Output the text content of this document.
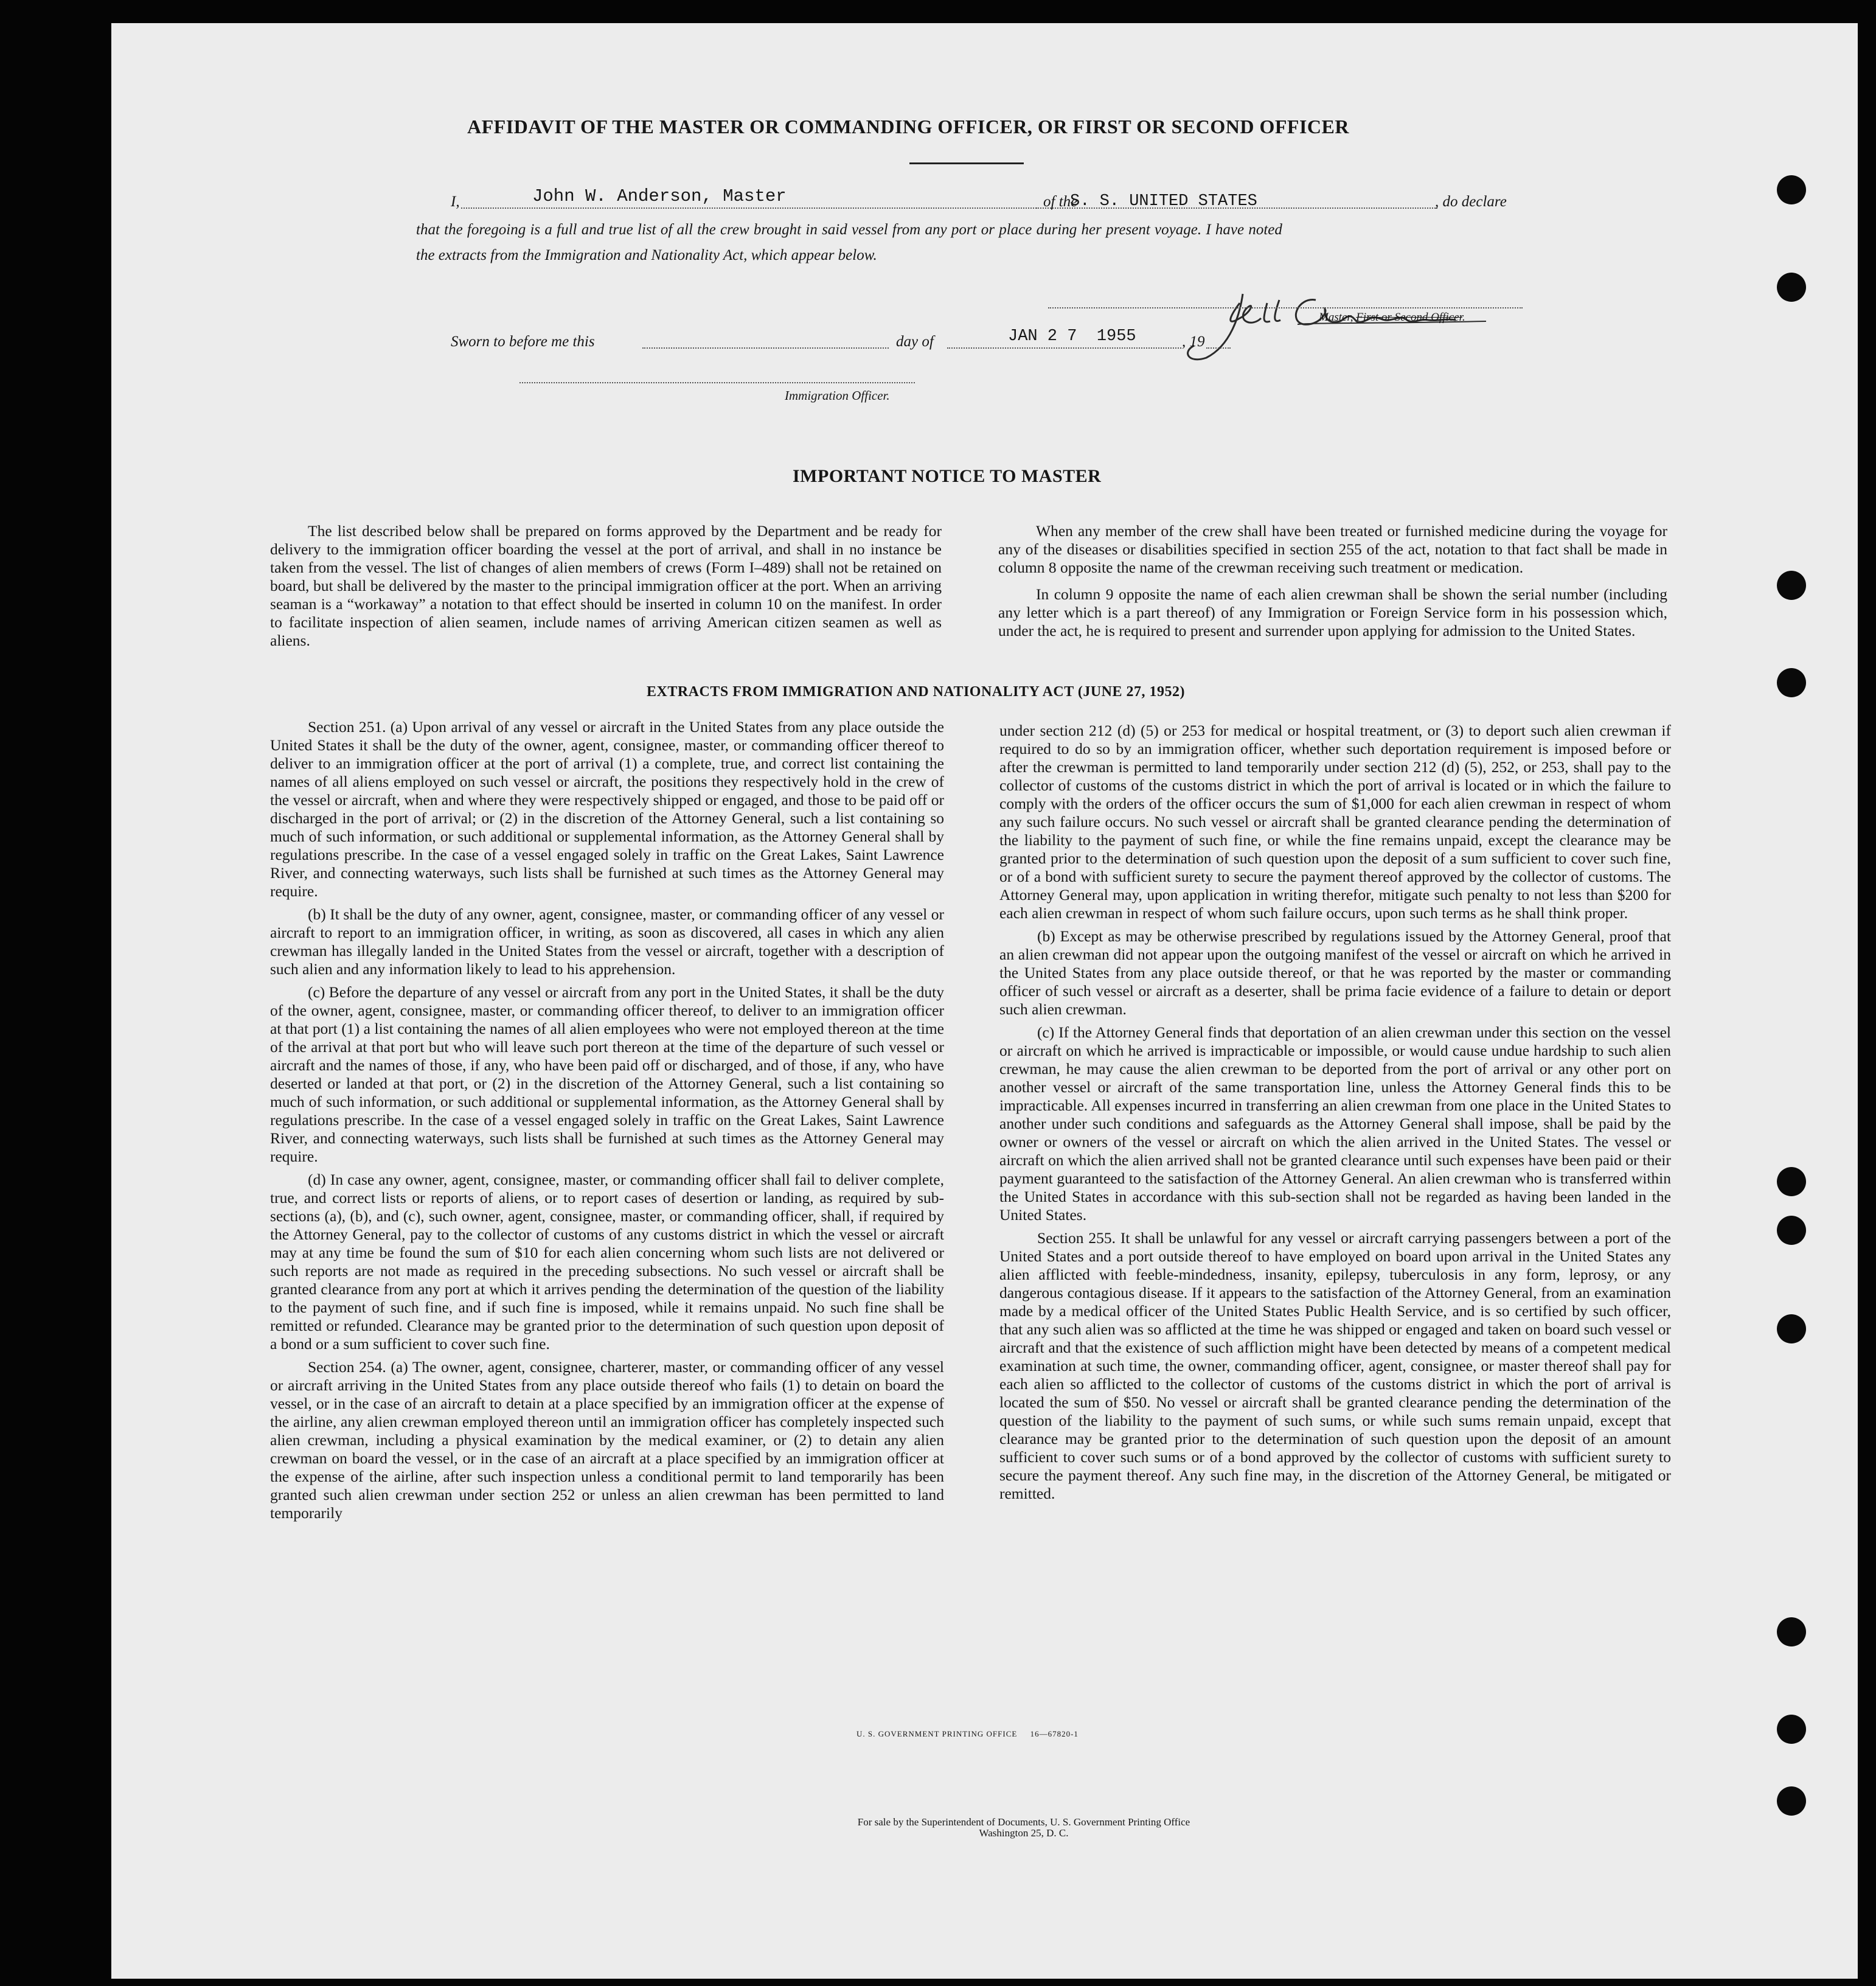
AFFIDAVIT OF THE MASTER OR COMMANDING OFFICER, OR FIRST OR SECOND OFFICER
I,	John W. Anderson, Master	of the
S. S. UNITED STATES	, do declare
that the foregoing is a full and true list of all the crew brought in said vessel from any port or place during her present voyage. I have noted
the extracts from the Immigration and Nationality Act, which appear below.
Master, First or Second Officer.
Sworn to before me this	day of	JAN 2 7  1955	, 19
Immigration Officer.
IMPORTANT NOTICE TO MASTER

The list described below shall be prepared on forms approved by the Department and be ready for delivery to the immigration officer boarding the vessel at the port of arrival, and shall in no instance be taken from the vessel. The list of changes of alien members of crews (Form I–489) shall not be retained on board, but shall be delivered by the master to the principal immigration officer at the port. When an arriving seaman is a “workaway” a notation to that effect should be inserted in column 10 on the manifest. In order to facilitate inspection of alien seamen, include names of arriving American citizen seamen as well as aliens.

When any member of the crew shall have been treated or furnished medicine during the voyage for any of the diseases or disabilities specified in section 255 of the act, notation to that fact shall be made in column 8 opposite the name of the crewman receiving such treatment or medication.

In column 9 opposite the name of each alien crewman shall be shown the serial number (including any letter which is a part thereof) of any Immigration or Foreign Service form in his possession which, under the act, he is required to present and surrender upon applying for admission to the United States.

EXTRACTS FROM IMMIGRATION AND NATIONALITY ACT (JUNE 27, 1952)

Section 251. (a) Upon arrival of any vessel or aircraft in the United States from any place outside the United States it shall be the duty of the owner, agent, consignee, master, or commanding officer thereof to deliver to an immigration officer at the port of arrival (1) a complete, true, and correct list containing the names of all aliens employed on such vessel or aircraft, the positions they respectively hold in the crew of the vessel or aircraft, when and where they were respectively shipped or engaged, and those to be paid off or discharged in the port of arrival; or (2) in the discretion of the Attorney General, such a list containing so much of such information, or such additional or supplemental information, as the Attorney General shall by regulations prescribe. In the case of a vessel engaged solely in traffic on the Great Lakes, Saint Lawrence River, and connecting waterways, such lists shall be furnished at such times as the Attorney General may require.

(b) It shall be the duty of any owner, agent, consignee, master, or commanding officer of any vessel or aircraft to report to an immigration officer, in writing, as soon as discovered, all cases in which any alien crewman has illegally landed in the United States from the vessel or aircraft, together with a description of such alien and any information likely to lead to his apprehension.

(c) Before the departure of any vessel or aircraft from any port in the United States, it shall be the duty of the owner, agent, consignee, master, or commanding officer thereof, to deliver to an immigration officer at that port (1) a list containing the names of all alien employees who were not employed thereon at the time of the arrival at that port but who will leave such port thereon at the time of the departure of such vessel or aircraft and the names of those, if any, who have been paid off or discharged, and of those, if any, who have deserted or landed at that port, or (2) in the discretion of the Attorney General, such a list containing so much of such information, or such additional or supplemental information, as the Attorney General shall by regulations prescribe. In the case of a vessel engaged solely in traffic on the Great Lakes, Saint Lawrence River, and connecting waterways, such lists shall be furnished at such times as the Attorney General may require.

(d) In case any owner, agent, consignee, master, or commanding officer shall fail to deliver complete, true, and correct lists or reports of aliens, or to report cases of desertion or landing, as required by sub-sections (a), (b), and (c), such owner, agent, consignee, master, or commanding officer, shall, if required by the Attorney General, pay to the collector of customs of any customs district in which the vessel or aircraft may at any time be found the sum of $10 for each alien concerning whom such lists are not delivered or such reports are not made as required in the preceding subsections. No such vessel or aircraft shall be granted clearance from any port at which it arrives pending the determination of the question of the liability to the payment of such fine, and if such fine is imposed, while it remains unpaid. No such fine shall be remitted or refunded. Clearance may be granted prior to the determination of such question upon deposit of a bond or a sum sufficient to cover such fine.

Section 254. (a) The owner, agent, consignee, charterer, master, or commanding officer of any vessel or aircraft arriving in the United States from any place outside thereof who fails (1) to detain on board the vessel, or in the case of an aircraft to detain at a place specified by an immigration officer at the expense of the airline, any alien crewman employed thereon until an immigration officer has completely inspected such alien crewman, including a physical examination by the medical examiner, or (2) to detain any alien crewman on board the vessel, or in the case of an aircraft at a place specified by an immigration officer at the expense of the airline, after such inspection unless a conditional permit to land temporarily has been granted such alien crewman under section 252 or unless an alien crewman has been permitted to land temporarily

under section 212 (d) (5) or 253 for medical or hospital treatment, or (3) to deport such alien crewman if required to do so by an immigration officer, whether such deportation requirement is imposed before or after the crewman is permitted to land temporarily under section 212 (d) (5), 252, or 253, shall pay to the collector of customs of the customs district in which the port of arrival is located or in which the failure to comply with the orders of the officer occurs the sum of $1,000 for each alien crewman in respect of whom any such failure occurs. No such vessel or aircraft shall be granted clearance pending the determination of the liability to the payment of such fine, or while the fine remains unpaid, except the clearance may be granted prior to the determination of such question upon the deposit of a sum sufficient to cover such fine, or of a bond with sufficient surety to secure the payment thereof approved by the collector of customs. The Attorney General may, upon application in writing therefor, mitigate such penalty to not less than $200 for each alien crewman in respect of whom such failure occurs, upon such terms as he shall think proper.

(b) Except as may be otherwise prescribed by regulations issued by the Attorney General, proof that an alien crewman did not appear upon the outgoing manifest of the vessel or aircraft on which he arrived in the United States from any place outside thereof, or that he was reported by the master or commanding officer of such vessel or aircraft as a deserter, shall be prima facie evidence of a failure to detain or deport such alien crewman.

(c) If the Attorney General finds that deportation of an alien crewman under this section on the vessel or aircraft on which he arrived is impracticable or impossible, or would cause undue hardship to such alien crewman, he may cause the alien crewman to be deported from the port of arrival or any other port on another vessel or aircraft of the same transportation line, unless the Attorney General finds this to be impracticable. All expenses incurred in transferring an alien crewman from one place in the United States to another under such conditions and safeguards as the Attorney General shall impose, shall be paid by the owner or owners of the vessel or aircraft on which the alien arrived in the United States. The vessel or aircraft on which the alien arrived shall not be granted clearance until such expenses have been paid or their payment guaranteed to the satisfaction of the Attorney General. An alien crewman who is transferred within the United States in accordance with this sub-section shall not be regarded as having been landed in the United States.

Section 255. It shall be unlawful for any vessel or aircraft carrying passengers between a port of the United States and a port outside thereof to have employed on board upon arrival in the United States any alien afflicted with feeble-mindedness, insanity, epilepsy, tuberculosis in any form, leprosy, or any dangerous contagious disease. If it appears to the satisfaction of the Attorney General, from an examination made by a medical officer of the United States Public Health Service, and is so certified by such officer, that any such alien was so afflicted at the time he was shipped or engaged and taken on board such vessel or aircraft and that the existence of such affliction might have been detected by means of a competent medical examination at such time, the owner, commanding officer, agent, consignee, or master thereof shall pay for each alien so afflicted to the collector of customs of the customs district in which the port of arrival is located the sum of $50. No vessel or aircraft shall be granted clearance pending the determination of the question of the liability to the payment of such sums, or while such sums remain unpaid, except that clearance may be granted prior to the determination of such question upon the deposit of an amount sufficient to cover such sums or of a bond approved by the collector of customs with sufficient surety to secure the payment thereof. Any such fine may, in the discretion of the Attorney General, be mitigated or remitted.

U. S. GOVERNMENT PRINTING OFFICE     16—67820-1
For sale by the Superintendent of Documents, U. S. Government Printing Office
Washington 25, D. C.
